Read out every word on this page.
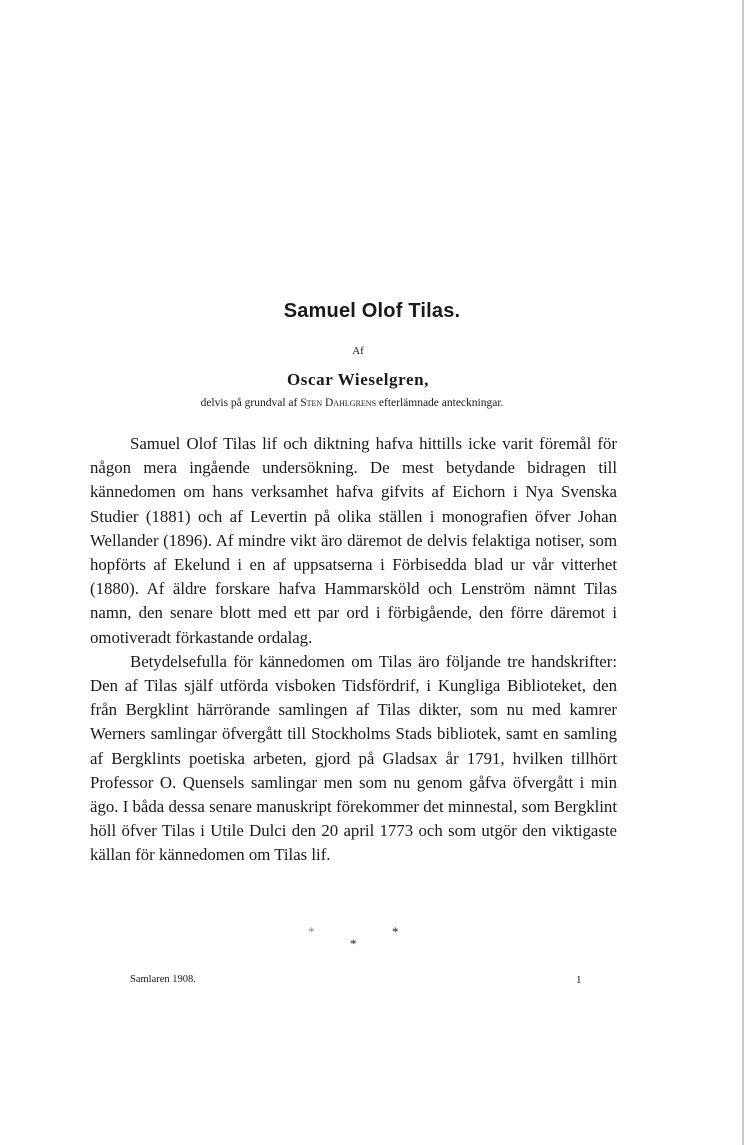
Samuel Olof Tilas.
Af
Oscar Wieselgren,
delvis på grundval af Sten Dahlgrens efterlämnade anteckningar.

Samuel Olof Tilas lif och diktning hafva hittills icke varit föremål för någon mera ingående undersökning. De mest betydande bidragen till kännedomen om hans verksamhet hafva gifvits af Eichorn i Nya Svenska Studier (1881) och af Levertin på olika ställen i monografien öfver Johan Wellander (1896). Af mindre vikt äro däremot de delvis felaktiga notiser, som hopförts af Ekelund i en af uppsatserna i Förbisedda blad ur vår vitterhet (1880). Af äldre forskare hafva Hammarsköld och Lenström nämnt Tilas namn, den senare blott med ett par ord i förbigående, den förre däremot i omotiveradt förkastande ordalag.

Betydelsefulla för kännedomen om Tilas äro följande tre handskrifter: Den af Tilas själf utförda visboken Tidsfördrif, i Kungliga Biblioteket, den från Bergklint härrörande samlingen af Tilas dikter, som nu med kamrer Werners samlingar öfvergått till Stockholms Stads bibliotek, samt en samling af Bergklints poetiska arbeten, gjord på Gladsax år 1791, hvilken tillhört Professor O. Quensels samlingar men som nu genom gåfva öfvergått i min ägo. I båda dessa senare manuskript förekommer det minnestal, som Bergklint höll öfver Tilas i Utile Dulci den 20 april 1773 och som utgör den viktigaste källan för kännedomen om Tilas lif.

*	*
*
Samlaren 1908.	1
